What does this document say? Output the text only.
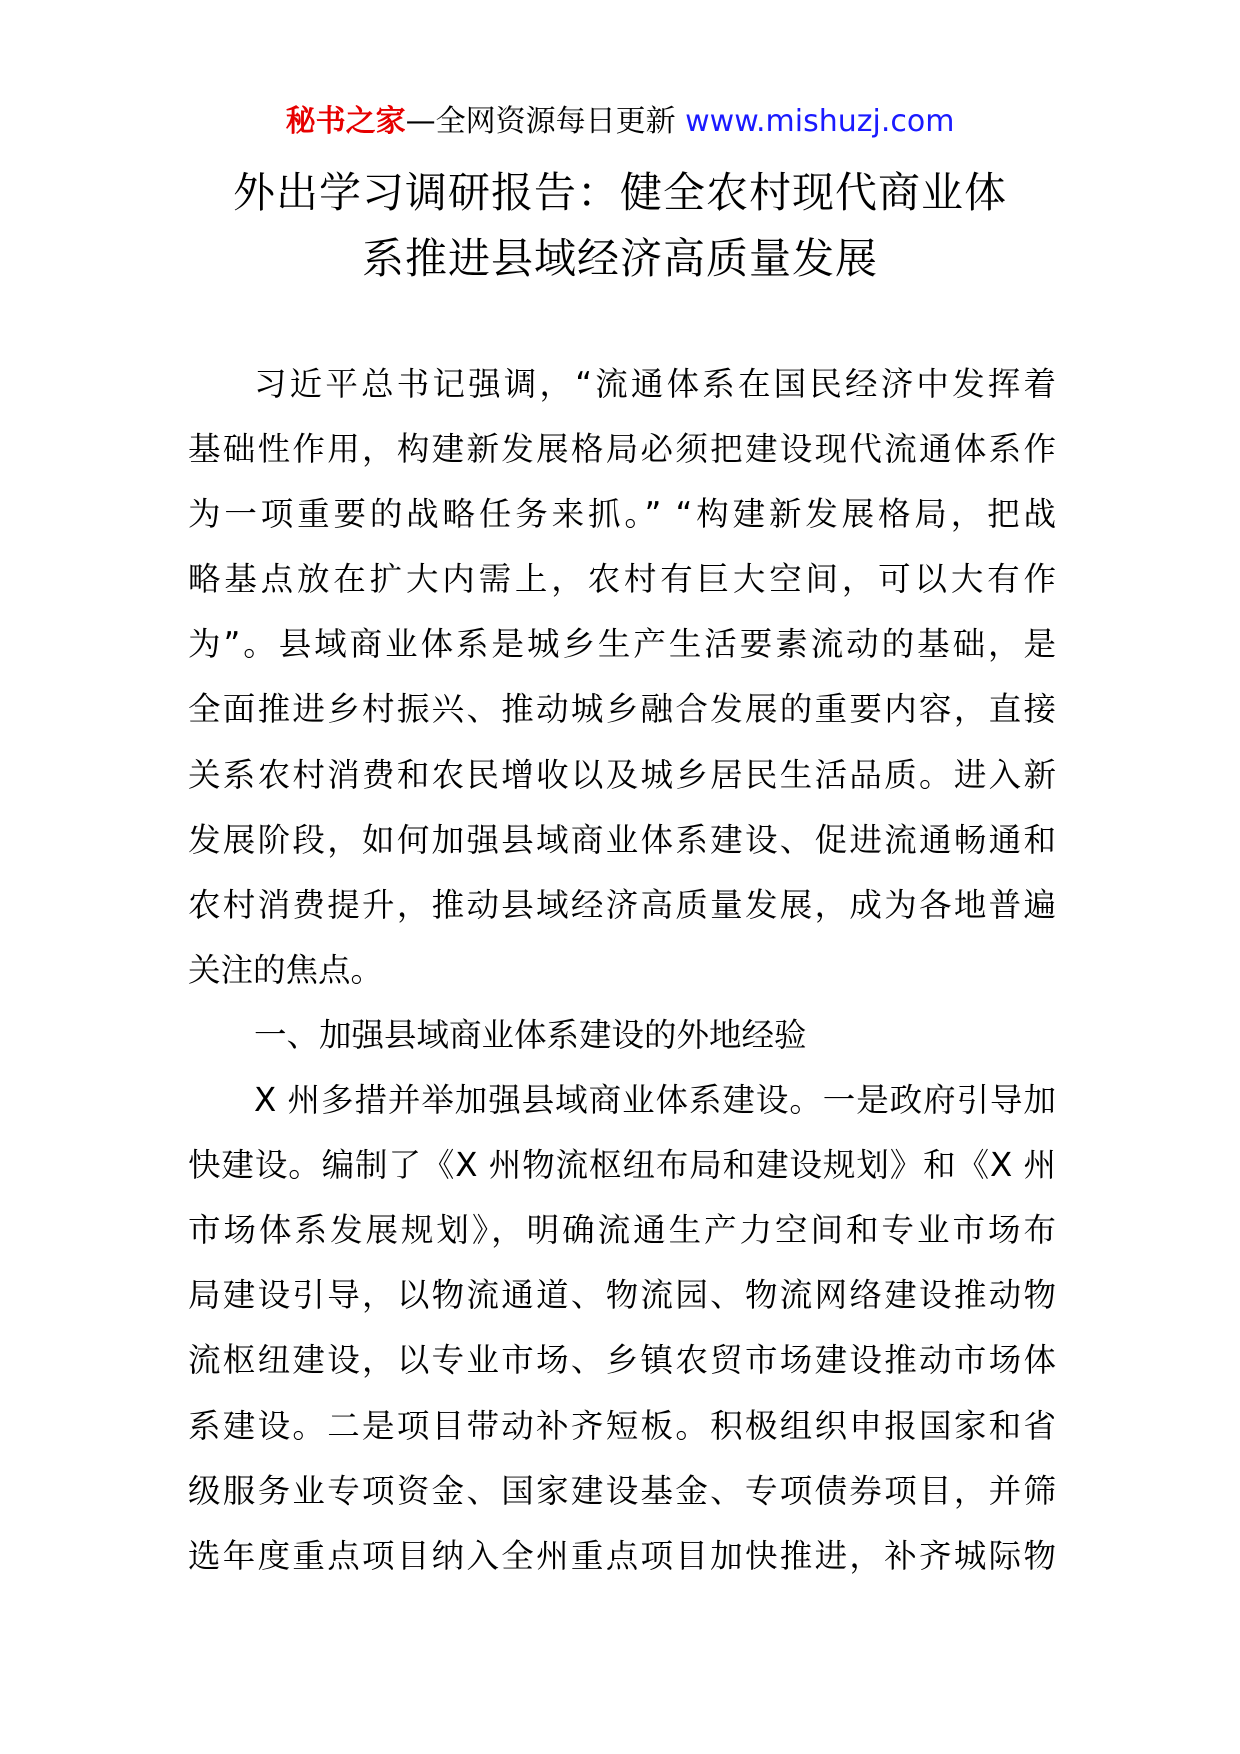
秘书之家—全网资源每日更新 www.mishuzj.com
外出学习调研报告：健全农村现代商业体
系推进县域经济高质量发展
习近平总书记强调，“流通体系在国民经济中发挥着
基础性作用，构建新发展格局必须把建设现代流通体系作
为一项重要的战略任务来抓。” “构建新发展格局，把战
略基点放在扩大内需上，农村有巨大空间，可以大有作
为”。县域商业体系是城乡生产生活要素流动的基础，是
全面推进乡村振兴、推动城乡融合发展的重要内容，直接
关系农村消费和农民增收以及城乡居民生活品质。进入新
发展阶段，如何加强县域商业体系建设、促进流通畅通和
农村消费提升，推动县域经济高质量发展，成为各地普遍
关注的焦点。
一、加强县域商业体系建设的外地经验
X 州多措并举加强县域商业体系建设。一是政府引导加
快建设。编制了《X 州物流枢纽布局和建设规划》和《X 州
市场体系发展规划》，明确流通生产力空间和专业市场布
局建设引导，以物流通道、物流园、物流网络建设推动物
流枢纽建设，以专业市场、乡镇农贸市场建设推动市场体
系建设。二是项目带动补齐短板。积极组织申报国家和省
级服务业专项资金、国家建设基金、专项债券项目，并筛
选年度重点项目纳入全州重点项目加快推进，补齐城际物
